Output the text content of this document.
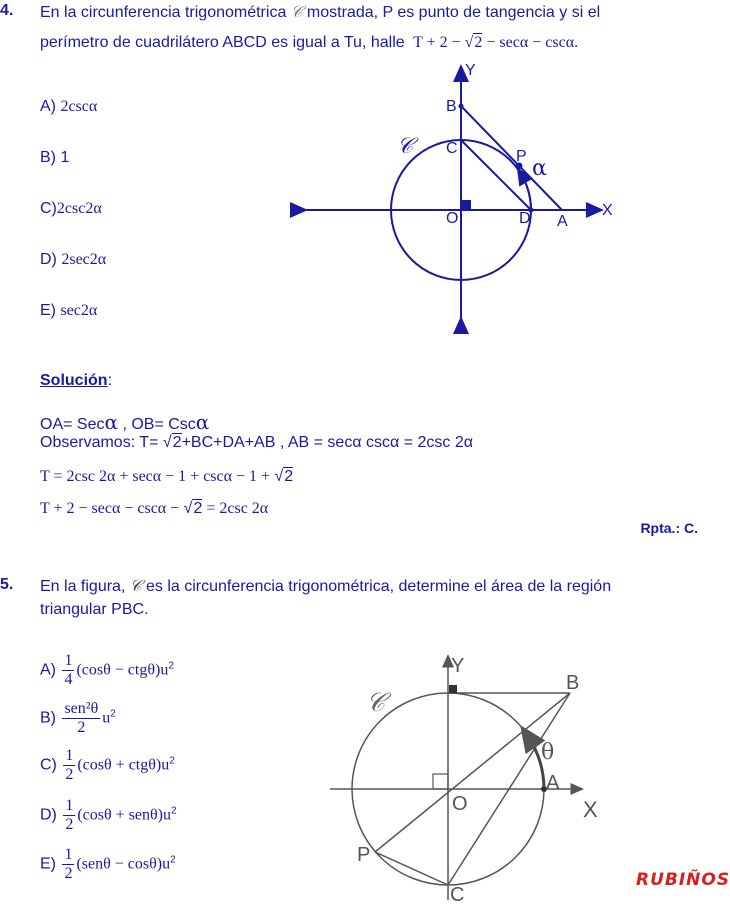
4. En la circunferencia trigonométrica 𝒞 mostrada, P es punto de tangencia y si el
perímetro de cuadrilátero ABCD es igual a Tu, halle T + 2 − √2 − secα − cscα.
A) 2cscα
B) 1
C)2csc2α
D) 2sec2α
E) sec2α
Y
X
B
C	P α
O	D A
𝒞
Solución:
OA= Secα , OB= Cscα
Observamos: T= √2+BC+DA+AB , AB = secα cscα = 2csc 2α
T = 2csc 2α + secα − 1 + cscα − 1 + √2
T + 2 − secα − cscα − √2 = 2csc 2α
Rpta.: C.
5. En la figura, 𝒞 es la circunferencia trigonométrica, determine el área de la región
triangular PBC.
$A) \frac{1}{4} (\cos\theta - ctg\theta)u^2$
$B) \frac{\text{sen²θ}}{2} u^2$
$C) \frac{1}{2} (\cos\theta + ctg\theta)u^2$
$D) \frac{1}{2} (\cos\theta + sen\theta)u^2$
$E) \frac{1}{2} (sen\theta - \cos\theta)u^2$
Y
X
B
θ
A
O
P
C
𝒞
RUBIÑOS
